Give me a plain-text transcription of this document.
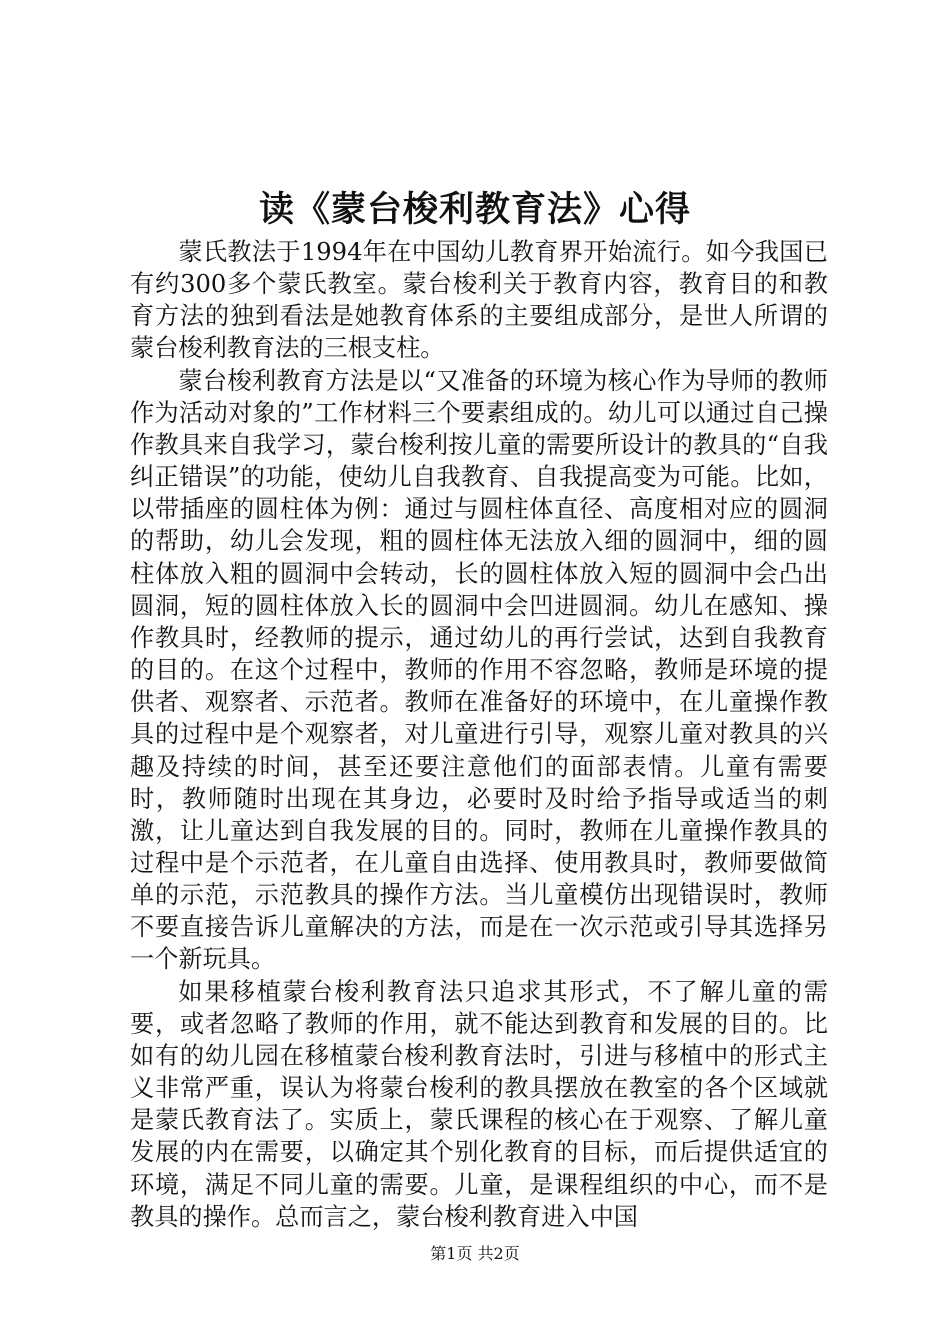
读《蒙台梭利教育法》心得

蒙氏教法于1994年在中国幼儿教育界开始流行。如今我国已有约300多个蒙氏教室。蒙台梭利关于教育内容，教育目的和教育方法的独到看法是她教育体系的主要组成部分，是世人所谓的蒙台梭利教育法的三根支柱。

蒙台梭利教育方法是以“又准备的环境为核心作为导师的教师作为活动对象的”工作材料三个要素组成的。幼儿可以通过自己操作教具来自我学习，蒙台梭利按儿童的需要所设计的教具的“自我纠正错误”的功能，使幼儿自我教育、自我提高变为可能。比如，以带插座的圆柱体为例：通过与圆柱体直径、高度相对应的圆洞的帮助，幼儿会发现，粗的圆柱体无法放入细的圆洞中，细的圆柱体放入粗的圆洞中会转动，长的圆柱体放入短的圆洞中会凸出圆洞，短的圆柱体放入长的圆洞中会凹进圆洞。幼儿在感知、操作教具时，经教师的提示，通过幼儿的再行尝试，达到自我教育的目的。在这个过程中，教师的作用不容忽略，教师是环境的提供者、观察者、示范者。教师在准备好的环境中，在儿童操作教具的过程中是个观察者，对儿童进行引导，观察儿童对教具的兴趣及持续的时间，甚至还要注意他们的面部表情。儿童有需要时，教师随时出现在其身边，必要时及时给予指导或适当的刺激，让儿童达到自我发展的目的。同时，教师在儿童操作教具的过程中是个示范者，在儿童自由选择、使用教具时，教师要做简单的示范，示范教具的操作方法。当儿童模仿出现错误时，教师不要直接告诉儿童解决的方法，而是在一次示范或引导其选择另一个新玩具。

如果移植蒙台梭利教育法只追求其形式，不了解儿童的需要，或者忽略了教师的作用，就不能达到教育和发展的目的。比如有的幼儿园在移植蒙台梭利教育法时，引进与移植中的形式主义非常严重，误认为将蒙台梭利的教具摆放在教室的各个区域就是蒙氏教育法了。实质上，蒙氏课程的核心在于观察、了解儿童发展的内在需要，以确定其个别化教育的目标，而后提供适宜的环境，满足不同儿童的需要。儿童，是课程组织的中心，而不是教具的操作。总而言之，蒙台梭利教育进入中国

第1页 共2页
